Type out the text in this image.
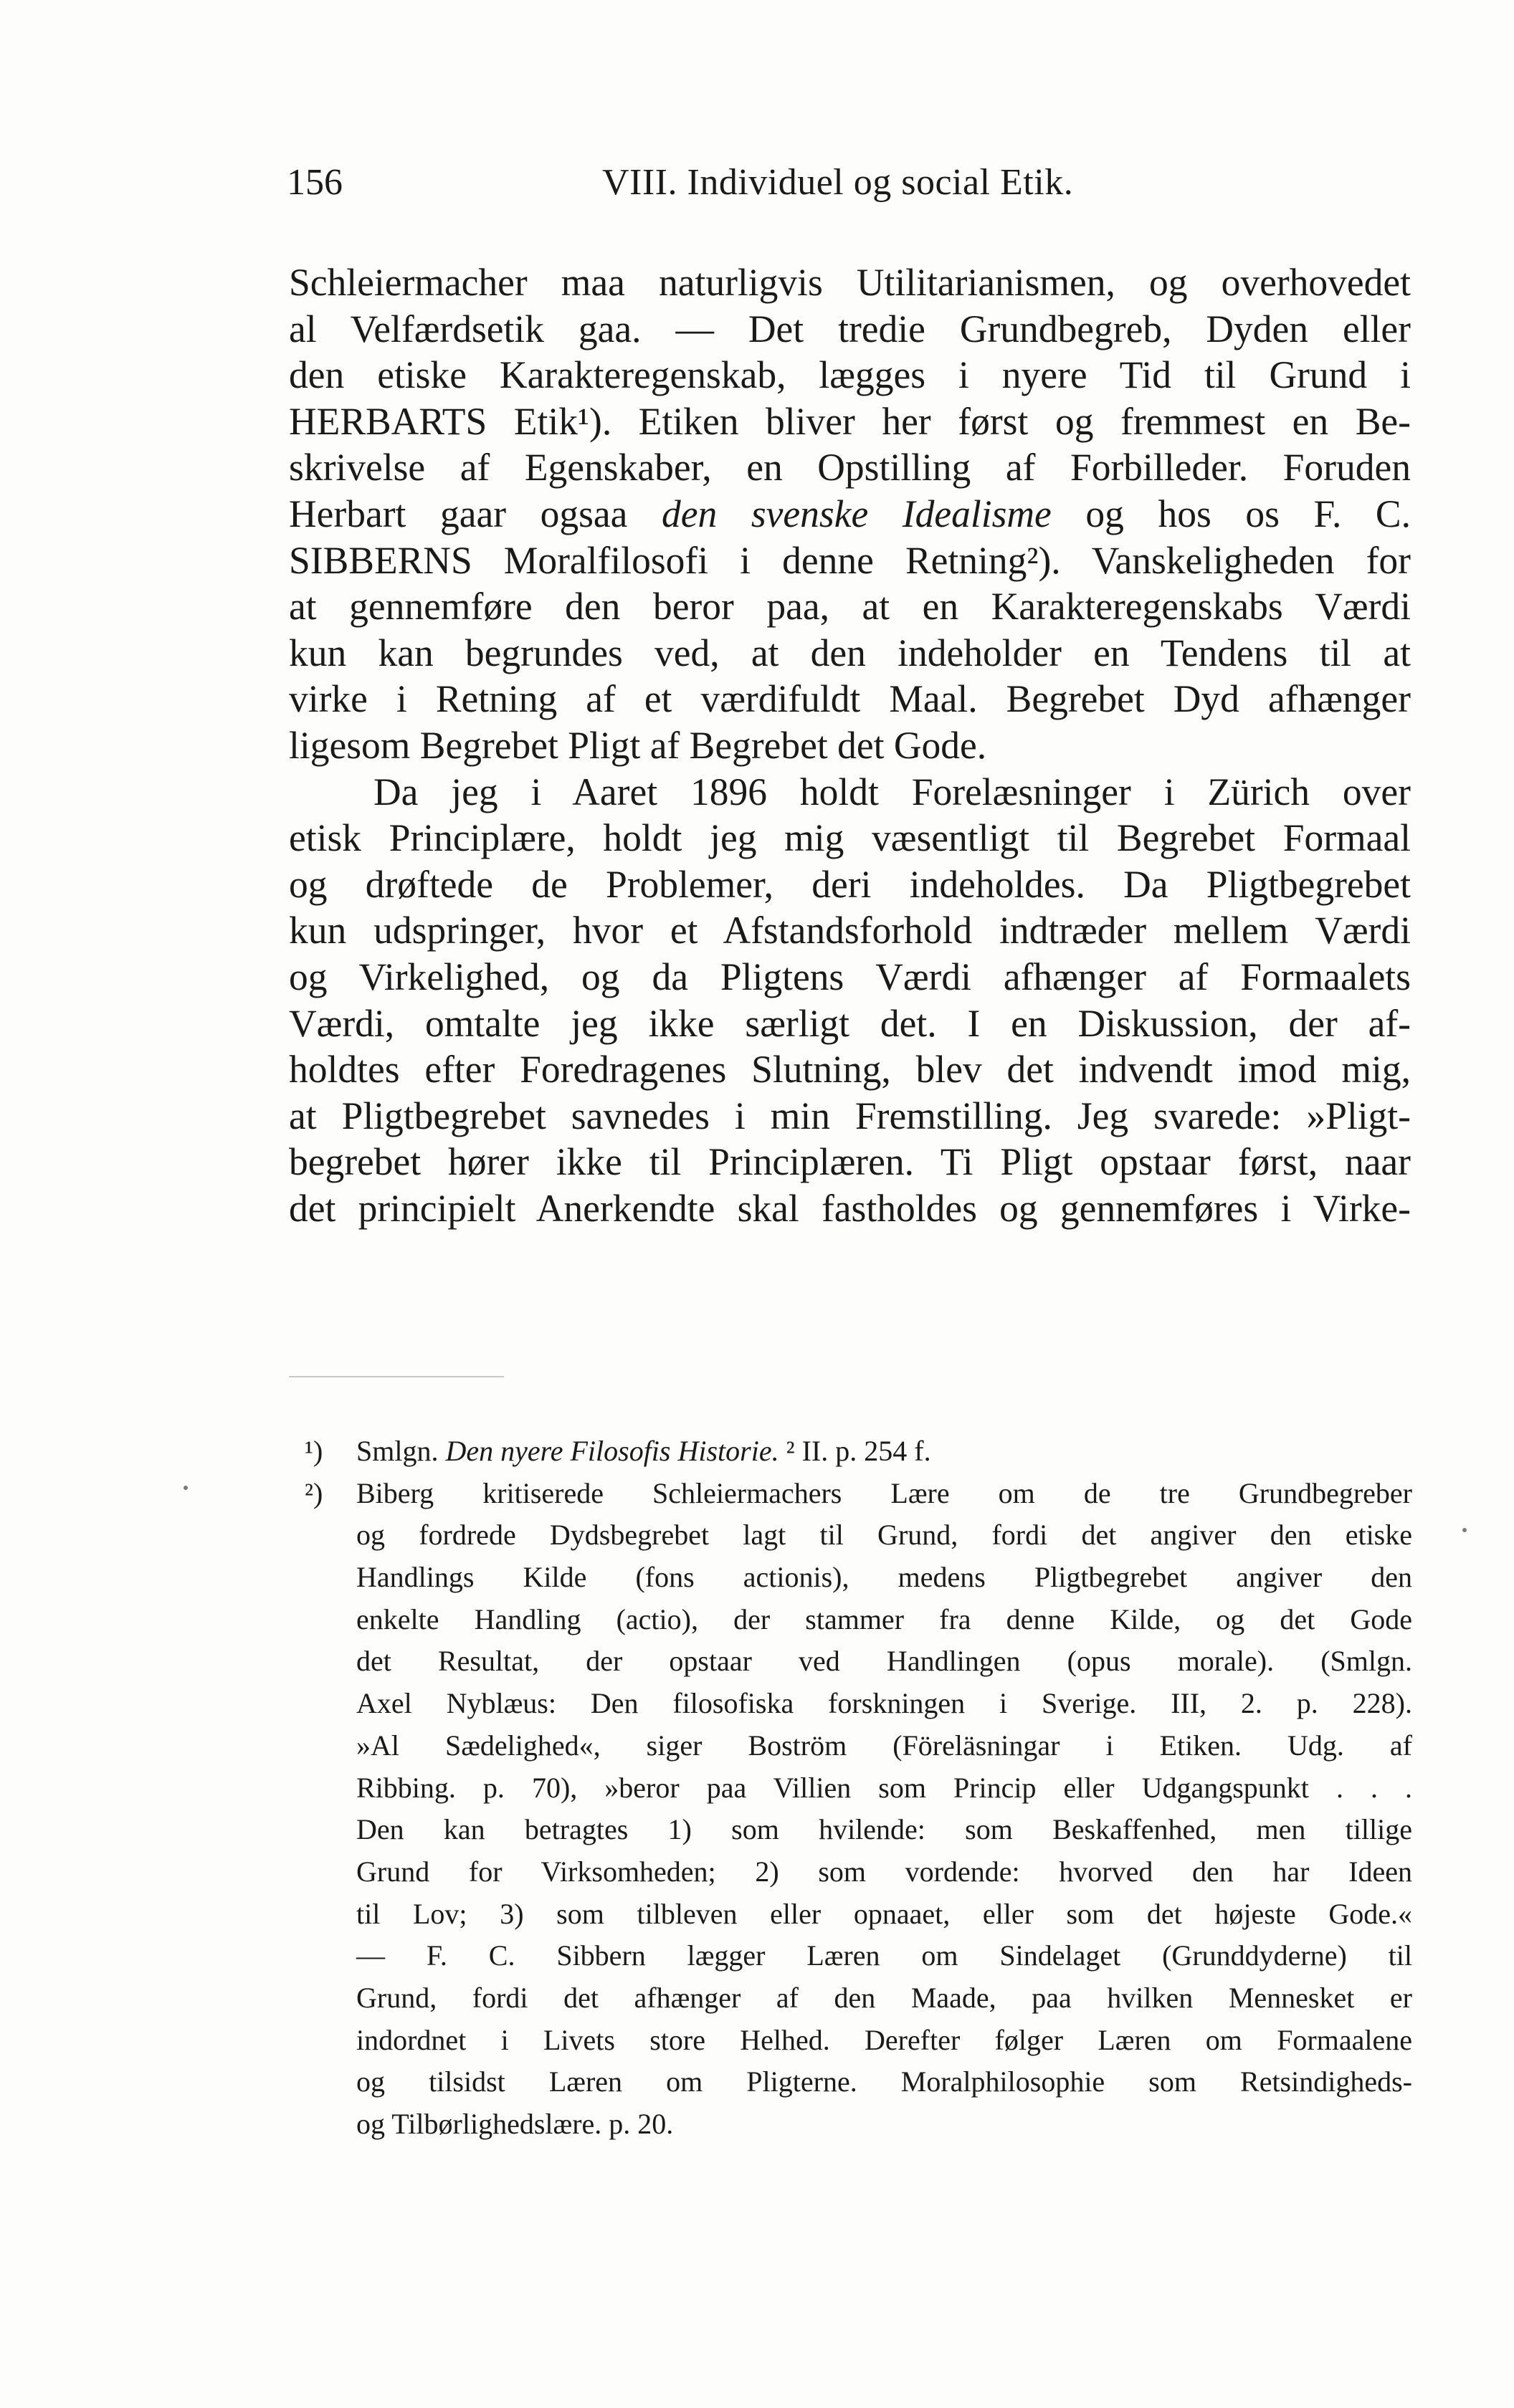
156	VIII. Individuel og social Etik.
Schleiermacher maa naturligvis Utilitarianismen, og overhovedet
al Velfærdsetik gaa. — Det tredie Grundbegreb, Dyden eller
den etiske Karakteregenskab, lægges i nyere Tid til Grund i
HERBARTS Etik¹). Etiken bliver her først og fremmest en Be-
skrivelse af Egenskaber, en Opstilling af Forbilleder. Foruden
Herbart gaar ogsaa den svenske Idealisme og hos os F. C.
SIBBERNS Moralfilosofi i denne Retning²). Vanskeligheden for
at gennemføre den beror paa, at en Karakteregenskabs Værdi
kun kan begrundes ved, at den indeholder en Tendens til at
virke i Retning af et værdifuldt Maal. Begrebet Dyd afhænger
ligesom Begrebet Pligt af Begrebet det Gode.
Da jeg i Aaret 1896 holdt Forelæsninger i Zürich over
etisk Principlære, holdt jeg mig væsentligt til Begrebet Formaal
og drøftede de Problemer, deri indeholdes. Da Pligtbegrebet
kun udspringer, hvor et Afstandsforhold indtræder mellem Værdi
og Virkelighed, og da Pligtens Værdi afhænger af Formaalets
Værdi, omtalte jeg ikke særligt det. I en Diskussion, der af-
holdtes efter Foredragenes Slutning, blev det indvendt imod mig,
at Pligtbegrebet savnedes i min Fremstilling. Jeg svarede: »Pligt-
begrebet hører ikke til Principlæren. Ti Pligt opstaar først, naar
det principielt Anerkendte skal fastholdes og gennemføres i Virke-
¹) Smlgn. Den nyere Filosofis Historie. ² II. p. 254 f.
²) Biberg kritiserede Schleiermachers Lære om de tre Grundbegreber
og fordrede Dydsbegrebet lagt til Grund, fordi det angiver den etiske
Handlings Kilde (fons actionis), medens Pligtbegrebet angiver den
enkelte Handling (actio), der stammer fra denne Kilde, og det Gode
det Resultat, der opstaar ved Handlingen (opus morale). (Smlgn.
Axel Nyblæus: Den filosofiska forskningen i Sverige. III, 2. p. 228).
»Al Sædelighed«, siger Boström (Föreläsningar i Etiken. Udg. af
Ribbing. p. 70), »beror paa Villien som Princip eller Udgangspunkt . . .
Den kan betragtes 1) som hvilende: som Beskaffenhed, men tillige
Grund for Virksomheden; 2) som vordende: hvorved den har Ideen
til Lov; 3) som tilbleven eller opnaaet, eller som det højeste Gode.«
— F. C. Sibbern lægger Læren om Sindelaget (Grunddyderne) til
Grund, fordi det afhænger af den Maade, paa hvilken Mennesket er
indordnet i Livets store Helhed. Derefter følger Læren om Formaalene
og tilsidst Læren om Pligterne. Moralphilosophie som Retsindigheds-
og Tilbørlighedslære. p. 20.
